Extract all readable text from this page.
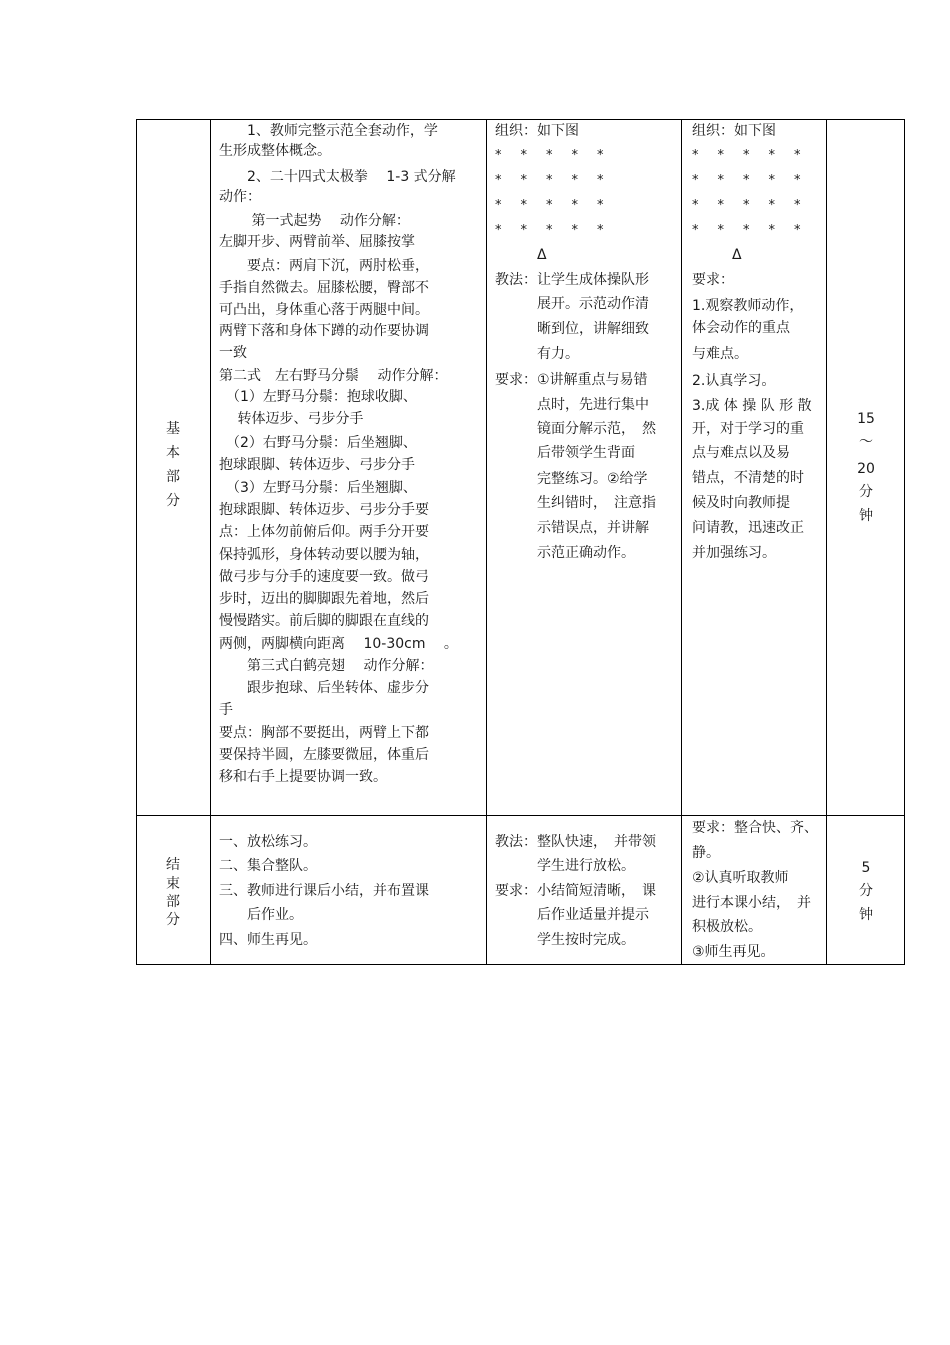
基
本
部
分
　　1、教师完整示范全套动作，学
生形成整体概念。
　　2、二十四式太极拳　 1-3 式分解
动作：
　　 第一式起势　 动作分解：
左脚开步、两臂前举、屈膝按掌
　　要点：两肩下沉，两肘松垂，
手指自然微去。屈膝松腰，臀部不
可凸出，身体重心落于两腿中间。
两臂下落和身体下蹲的动作要协调
一致
第二式　左右野马分鬃　 动作分解：
　（1）左野马分鬃：抱球收脚、
　 转体迈步、弓步分手
　（2）右野马分鬃：后坐翘脚、
抱球跟脚、转体迈步、弓步分手
　（3）左野马分鬃：后坐翘脚、
抱球跟脚、转体迈步、弓步分手要
点：上体勿前俯后仰。两手分开要
保持弧形，身体转动要以腰为轴，
做弓步与分手的速度要一致。做弓
步时，迈出的脚脚跟先着地，然后
慢慢踏实。前后脚的脚跟在直线的
两侧，两脚横向距离　 10-30cm　 。
　　第三式白鹤亮翅　 动作分解：
　　跟步抱球、后坐转体、虚步分
手
要点：胸部不要挺出，两臂上下都
要保持半圆，左膝要微屈，体重后
移和右手上提要协调一致。
组织：如下图
* * * * *
* * * * *
* * * * *
* * * * *
Δ
教法：让学生成体操队形
　　　展开。示范动作清
　　　晰到位，讲解细致
　　　有力。
要求：①讲解重点与易错
　　　点时，先进行集中
　　　镜面分解示范，　然
　　　后带领学生背面
　　　完整练习。②给学
　　　生纠错时，　注意指
　　　示错误点，并讲解
　　　示范正确动作。
组织：如下图
* * * * *
* * * * *
* * * * *
* * * * *
Δ
要求：
1.观察教师动作，
体会动作的重点
与难点。
2.认真学习。
3.成 体 操 队 形 散
开，对于学习的重
点与难点以及易
错点，不清楚的时
候及时向教师提
问请教，迅速改正
并加强练习。
15
～
20
分
钟
结
束
部
分
一、放松练习。
二、集合整队。
三、教师进行课后小结，并布置课
　　后作业。
四、师生再见。
教法：整队快速，　并带领
　　　学生进行放松。
要求：小结简短清晰，　课
　　　后作业适量并提示
　　　学生按时完成。
要求：整合快、齐、
静。
②认真听取教师
进行本课小结，　并
积极放松。
③师生再见。
5
分
钟
